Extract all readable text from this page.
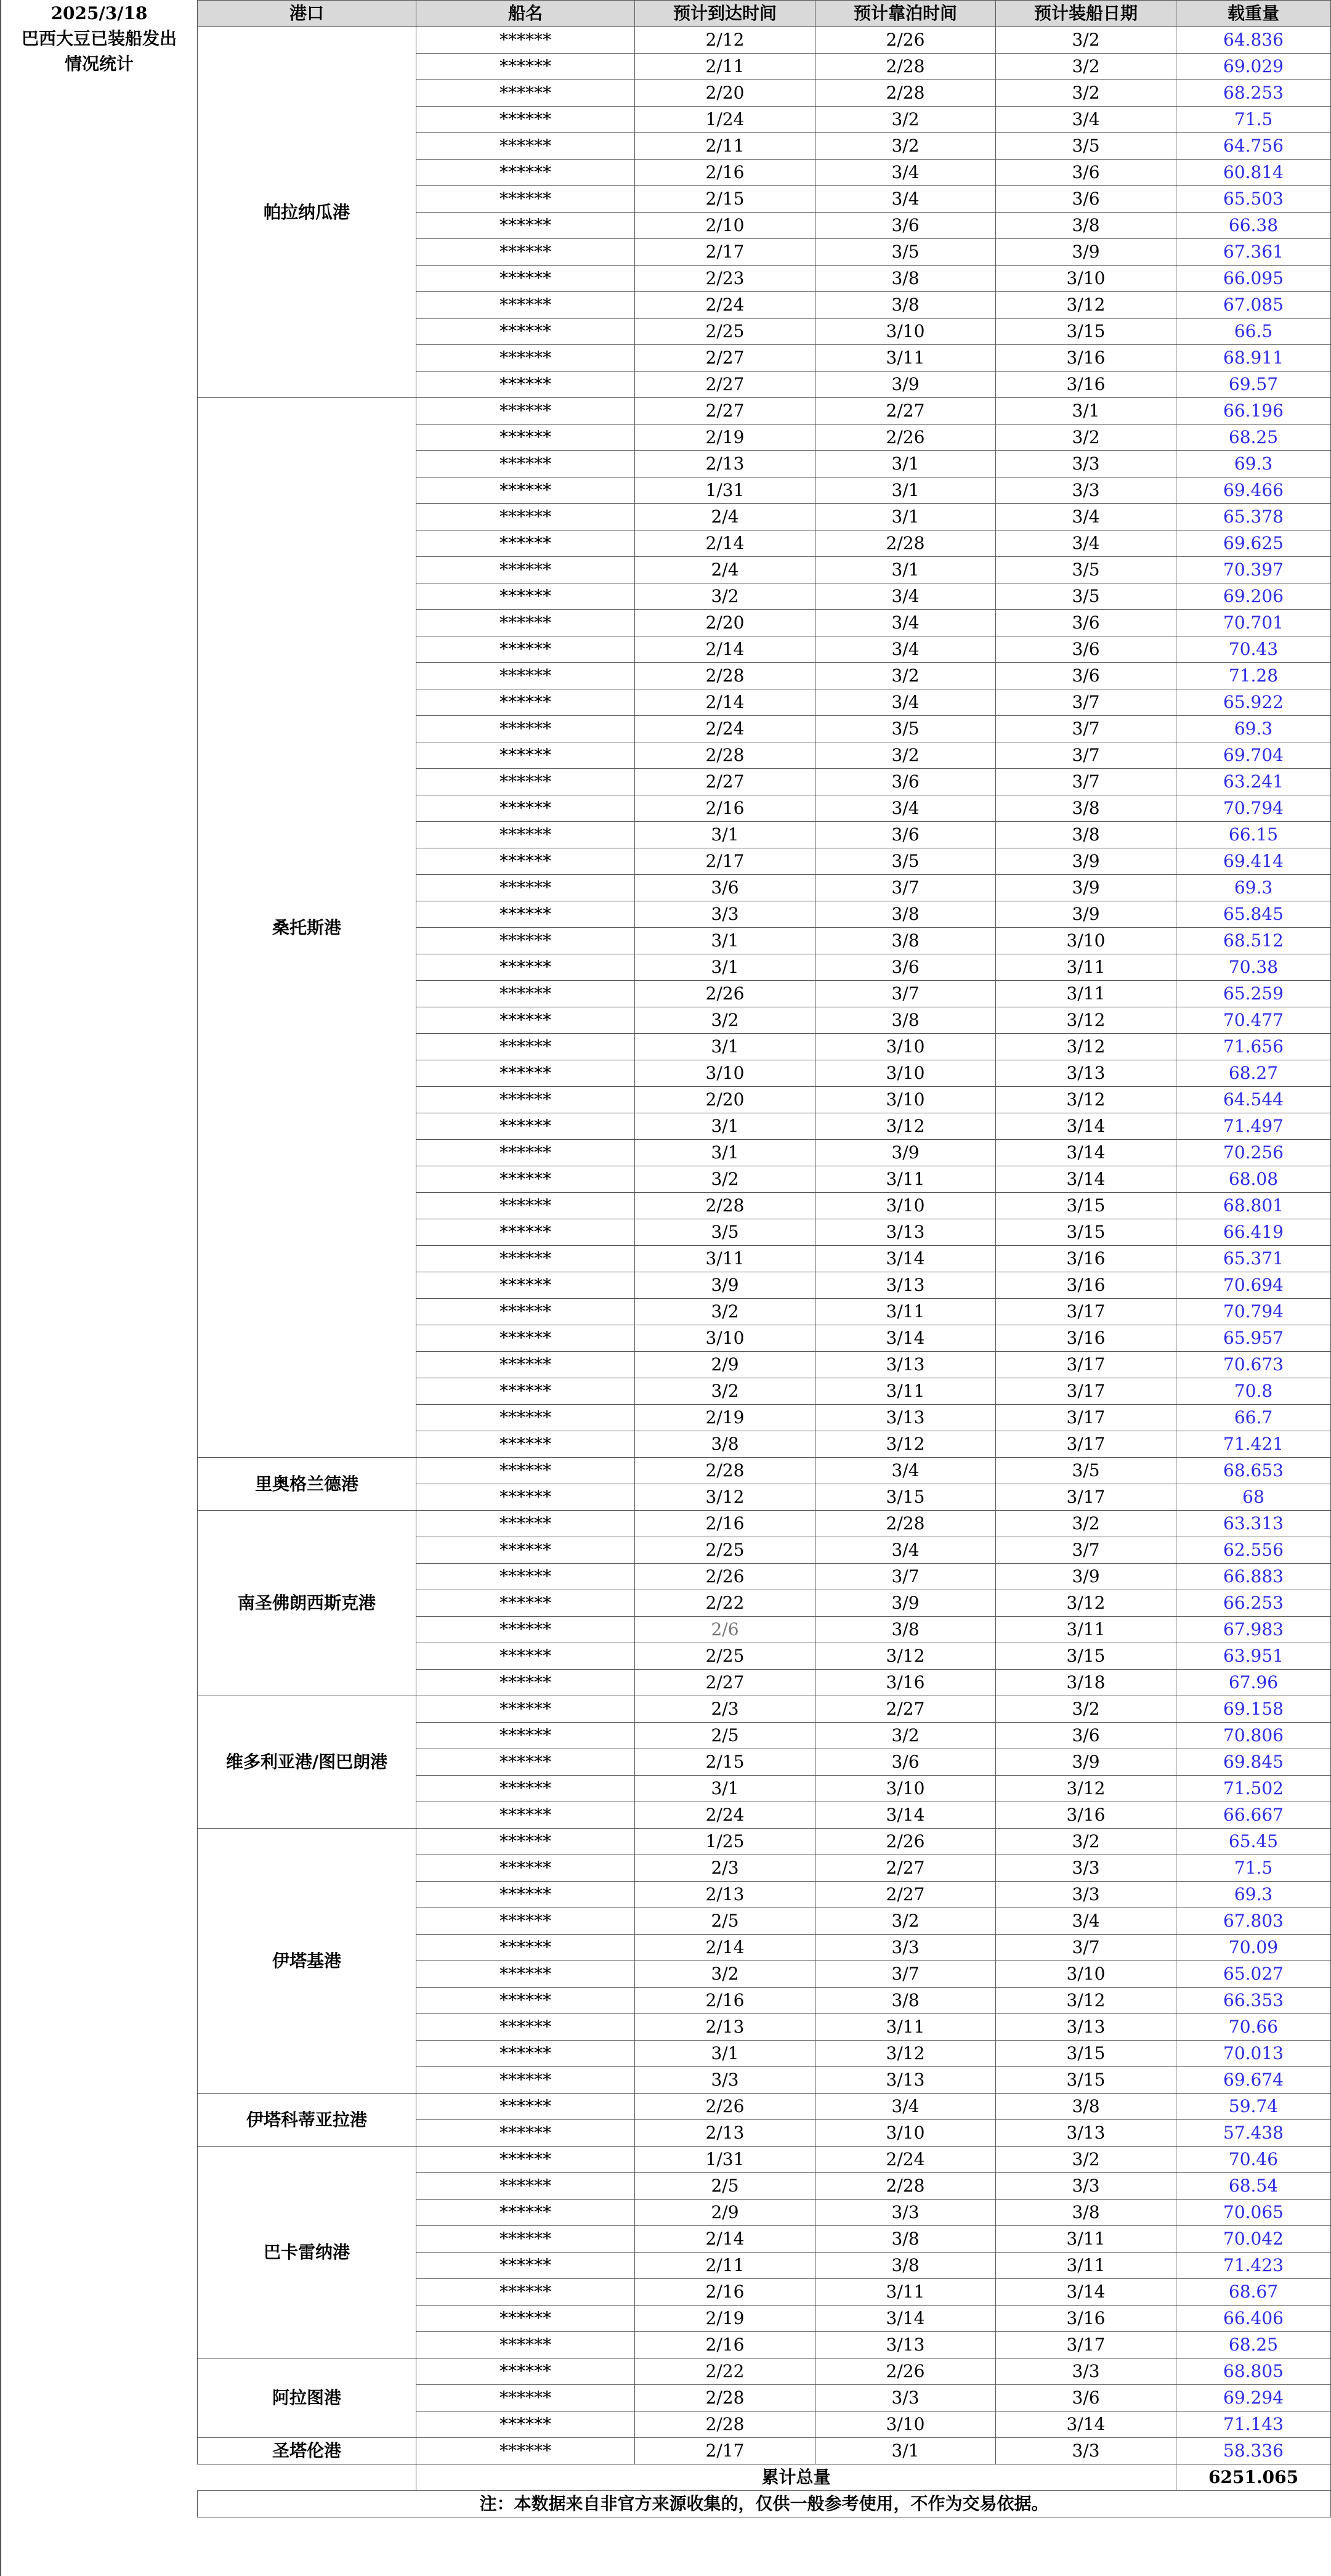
2025/3/18
巴西大豆已装船发出
情况统计
港口	船名	预计到达时间	预计靠泊时间	预计装船日期	载重量
帕拉纳瓜港	******	2/12	2/26	3/2	64.836
	******	2/11	2/28	3/2	69.029
	******	2/20	2/28	3/2	68.253
	******	1/24	3/2	3/4	71.5
	******	2/11	3/2	3/5	64.756
	******	2/16	3/4	3/6	60.814
	******	2/15	3/4	3/6	65.503
	******	2/10	3/6	3/8	66.38
	******	2/17	3/5	3/9	67.361
	******	2/23	3/8	3/10	66.095
	******	2/24	3/8	3/12	67.085
	******	2/25	3/10	3/15	66.5
	******	2/27	3/11	3/16	68.911
	******	2/27	3/9	3/16	69.57
桑托斯港	******	2/27	2/27	3/1	66.196
	******	2/19	2/26	3/2	68.25
	******	2/13	3/1	3/3	69.3
	******	1/31	3/1	3/3	69.466
	******	2/4	3/1	3/4	65.378
	******	2/14	2/28	3/4	69.625
	******	2/4	3/1	3/5	70.397
	******	3/2	3/4	3/5	69.206
	******	2/20	3/4	3/6	70.701
	******	2/14	3/4	3/6	70.43
	******	2/28	3/2	3/6	71.28
	******	2/14	3/4	3/7	65.922
	******	2/24	3/5	3/7	69.3
	******	2/28	3/2	3/7	69.704
	******	2/27	3/6	3/7	63.241
	******	2/16	3/4	3/8	70.794
	******	3/1	3/6	3/8	66.15
	******	2/17	3/5	3/9	69.414
	******	3/6	3/7	3/9	69.3
	******	3/3	3/8	3/9	65.845
	******	3/1	3/8	3/10	68.512
	******	3/1	3/6	3/11	70.38
	******	2/26	3/7	3/11	65.259
	******	3/2	3/8	3/12	70.477
	******	3/1	3/10	3/12	71.656
	******	3/10	3/10	3/13	68.27
	******	2/20	3/10	3/12	64.544
	******	3/1	3/12	3/14	71.497
	******	3/1	3/9	3/14	70.256
	******	3/2	3/11	3/14	68.08
	******	2/28	3/10	3/15	68.801
	******	3/5	3/13	3/15	66.419
	******	3/11	3/14	3/16	65.371
	******	3/9	3/13	3/16	70.694
	******	3/2	3/11	3/17	70.794
	******	3/10	3/14	3/16	65.957
	******	2/9	3/13	3/17	70.673
	******	3/2	3/11	3/17	70.8
	******	2/19	3/13	3/17	66.7
	******	3/8	3/12	3/17	71.421
里奥格兰德港	******	2/28	3/4	3/5	68.653
	******	3/12	3/15	3/17	68
南圣佛朗西斯克港	******	2/16	2/28	3/2	63.313
	******	2/25	3/4	3/7	62.556
	******	2/26	3/7	3/9	66.883
	******	2/22	3/9	3/12	66.253
	******	2/6	3/8	3/11	67.983
	******	2/25	3/12	3/15	63.951
	******	2/27	3/16	3/18	67.96
维多利亚港/图巴朗港	******	2/3	2/27	3/2	69.158
	******	2/5	3/2	3/6	70.806
	******	2/15	3/6	3/9	69.845
	******	3/1	3/10	3/12	71.502
	******	2/24	3/14	3/16	66.667
伊塔基港	******	1/25	2/26	3/2	65.45
	******	2/3	2/27	3/3	71.5
	******	2/13	2/27	3/3	69.3
	******	2/5	3/2	3/4	67.803
	******	2/14	3/3	3/7	70.09
	******	3/2	3/7	3/10	65.027
	******	2/16	3/8	3/12	66.353
	******	2/13	3/11	3/13	70.66
	******	3/1	3/12	3/15	70.013
	******	3/3	3/13	3/15	69.674
伊塔科蒂亚拉港	******	2/26	3/4	3/8	59.74
	******	2/13	3/10	3/13	57.438
巴卡雷纳港	******	1/31	2/24	3/2	70.46
	******	2/5	2/28	3/3	68.54
	******	2/9	3/3	3/8	70.065
	******	2/14	3/8	3/11	70.042
	******	2/11	3/8	3/11	71.423
	******	2/16	3/11	3/14	68.67
	******	2/19	3/14	3/16	66.406
	******	2/16	3/13	3/17	68.25
阿拉图港	******	2/22	2/26	3/3	68.805
	******	2/28	3/3	3/6	69.294
	******	2/28	3/10	3/14	71.143
圣塔伦港	******	2/17	3/1	3/3	58.336
	累计总量				6251.065
注：本数据来自非官方来源收集的，仅供一般参考使用，不作为交易依据。					
